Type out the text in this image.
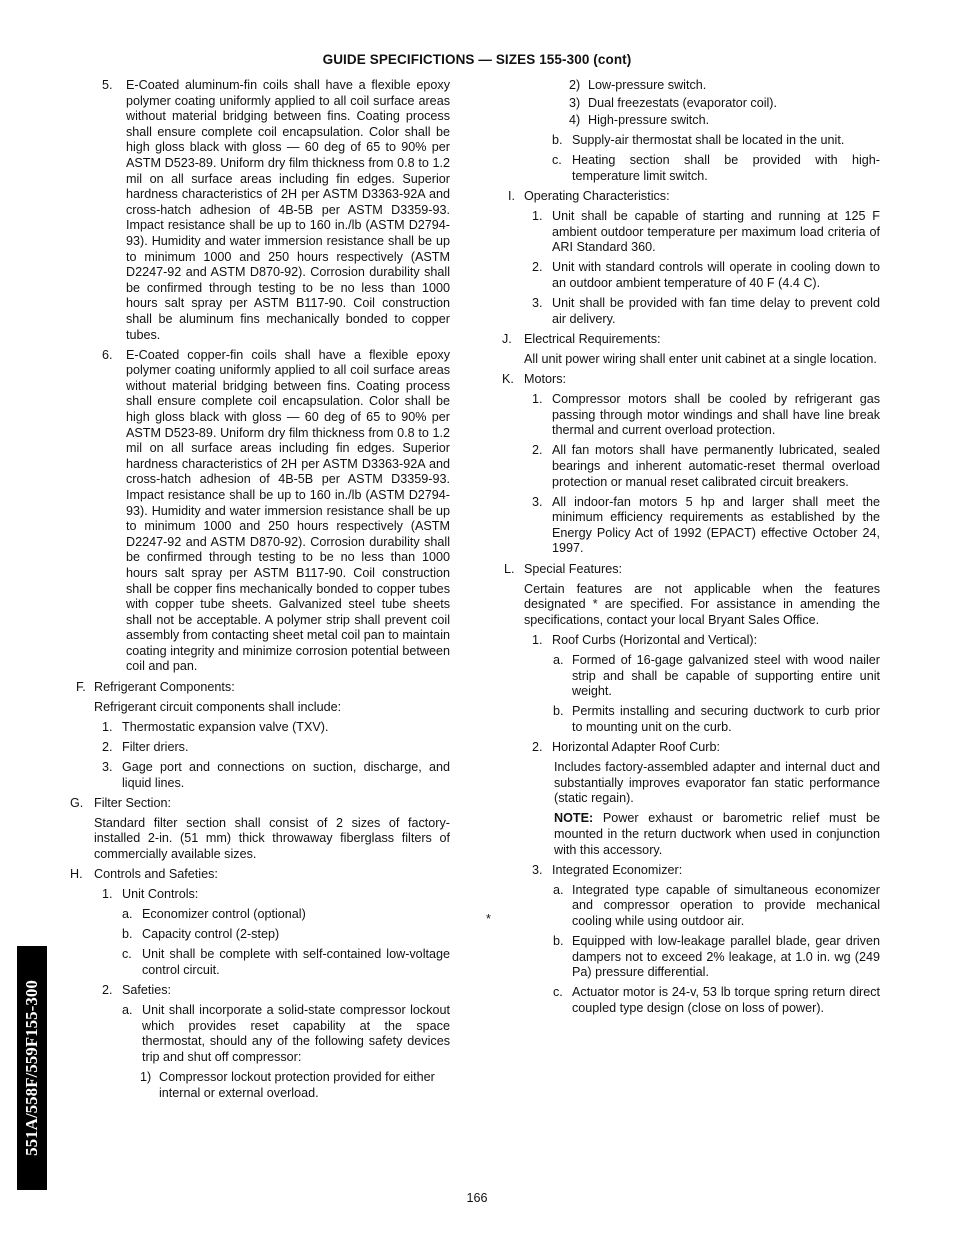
GUIDE SPECIFICTIONS — SIZES 155-300 (cont)
5.	E-Coated aluminum-fin coils shall have a flexible epoxy polymer coating uniformly applied to all coil surface areas without material bridging between fins. Coating process shall ensure complete coil encapsulation. Color shall be high gloss black with gloss — 60 deg of 65 to 90% per ASTM D523-89. Uniform dry film thickness from 0.8 to 1.2 mil on all surface areas including fin edges. Superior hardness characteristics of 2H per ASTM D3363-92A and cross-hatch adhesion of 4B-5B per ASTM D3359-93. Impact resistance shall be up to 160 in./lb (ASTM D2794-93). Humidity and water immersion resistance shall be up to minimum 1000 and 250 hours respectively (ASTM D2247-92 and ASTM D870-92). Corrosion durability shall be confirmed through testing to be no less than 1000 hours salt spray per ASTM B117-90. Coil construction shall be aluminum fins mechanically bonded to copper tubes.
6.	E-Coated copper-fin coils shall have a flexible epoxy polymer coating uniformly applied to all coil surface areas without material bridging between fins. Coating process shall ensure complete coil encapsulation. Color shall be high gloss black with gloss — 60 deg of 65 to 90% per ASTM D523-89. Uniform dry film thickness from 0.8 to 1.2 mil on all surface areas including fin edges. Superior hardness characteristics of 2H per ASTM D3363-92A and cross-hatch adhesion of 4B-5B per ASTM D3359-93. Impact resistance shall be up to 160 in./lb (ASTM D2794-93). Humidity and water immersion resistance shall be up to minimum 1000 and 250 hours respectively (ASTM D2247-92 and ASTM D870-92). Corrosion durability shall be confirmed through testing to be no less than 1000 hours salt spray per ASTM B117-90. Coil construction shall be copper fins mechanically bonded to copper tubes with copper tube sheets. Galvanized steel tube sheets shall not be acceptable. A polymer strip shall prevent coil assembly from contacting sheet metal coil pan to maintain coating integrity and minimize corrosion potential between coil and pan.
F. Refrigerant Components:

Refrigerant circuit components shall include:

1. Thermostatic expansion valve (TXV).
2. Filter driers.
3. Gage port and connections on suction, discharge, and liquid lines.
G. Filter Section:

Standard filter section shall consist of 2 sizes of factory-installed 2-in. (51 mm) thick throwaway fiberglass filters of commercially available sizes.

H. Controls and Safeties:
1. Unit Controls:
a. Economizer control (optional)
b. Capacity control (2-step)
c. Unit shall be complete with self-contained low-voltage control circuit.
2. Safeties:
a. Unit shall incorporate a solid-state compressor lockout which provides reset capability at the space thermostat, should any of the following safety devices trip and shut off compressor:
1) Compressor lockout protection provided for either internal or external overload.
2) Low-pressure switch.
3) Dual freezestats (evaporator coil).
4) High-pressure switch.
b. Supply-air thermostat shall be located in the unit.
c. Heating section shall be provided with high-temperature limit switch.
I. Operating Characteristics:
1. Unit shall be capable of starting and running at 125 F ambient outdoor temperature per maximum load criteria of ARI Standard 360.
2. Unit with standard controls will operate in cooling down to an outdoor ambient temperature of 40 F (4.4 C).
3. Unit shall be provided with fan time delay to prevent cold air delivery.
J. Electrical Requirements:

All unit power wiring shall enter unit cabinet at a single location.

K. Motors:
1. Compressor motors shall be cooled by refrigerant gas passing through motor windings and shall have line break thermal and current overload protection.
2. All fan motors shall have permanently lubricated, sealed bearings and inherent automatic-reset thermal overload protection or manual reset calibrated circuit breakers.
3. All indoor-fan motors 5 hp and larger shall meet the minimum efficiency requirements as established by the Energy Policy Act of 1992 (EPACT) effective October 24, 1997.
L. Special Features:

Certain features are not applicable when the features designated * are specified. For assistance in amending the specifications, contact your local Bryant Sales Office.

1. Roof Curbs (Horizontal and Vertical):
a. Formed of 16-gage galvanized steel with wood nailer strip and shall be capable of supporting entire unit weight.
b. Permits installing and securing ductwork to curb prior to mounting unit on the curb.
2. Horizontal Adapter Roof Curb:

Includes factory-assembled adapter and internal duct and substantially improves evaporator fan static performance (static regain).

NOTE: Power exhaust or barometric relief must be mounted in the return ductwork when used in conjunction with this accessory.

3. Integrated Economizer:
a. Integrated type capable of simultaneous economizer and compressor operation to provide mechanical cooling while using outdoor air.
b. Equipped with low-leakage parallel blade, gear driven dampers not to exceed 2% leakage, at 1.0 in. wg (249 Pa) pressure differential.
c. Actuator motor is 24-v, 53 lb torque spring return direct coupled type design (close on loss of power).
*
551A/558F/559F155-300
166
